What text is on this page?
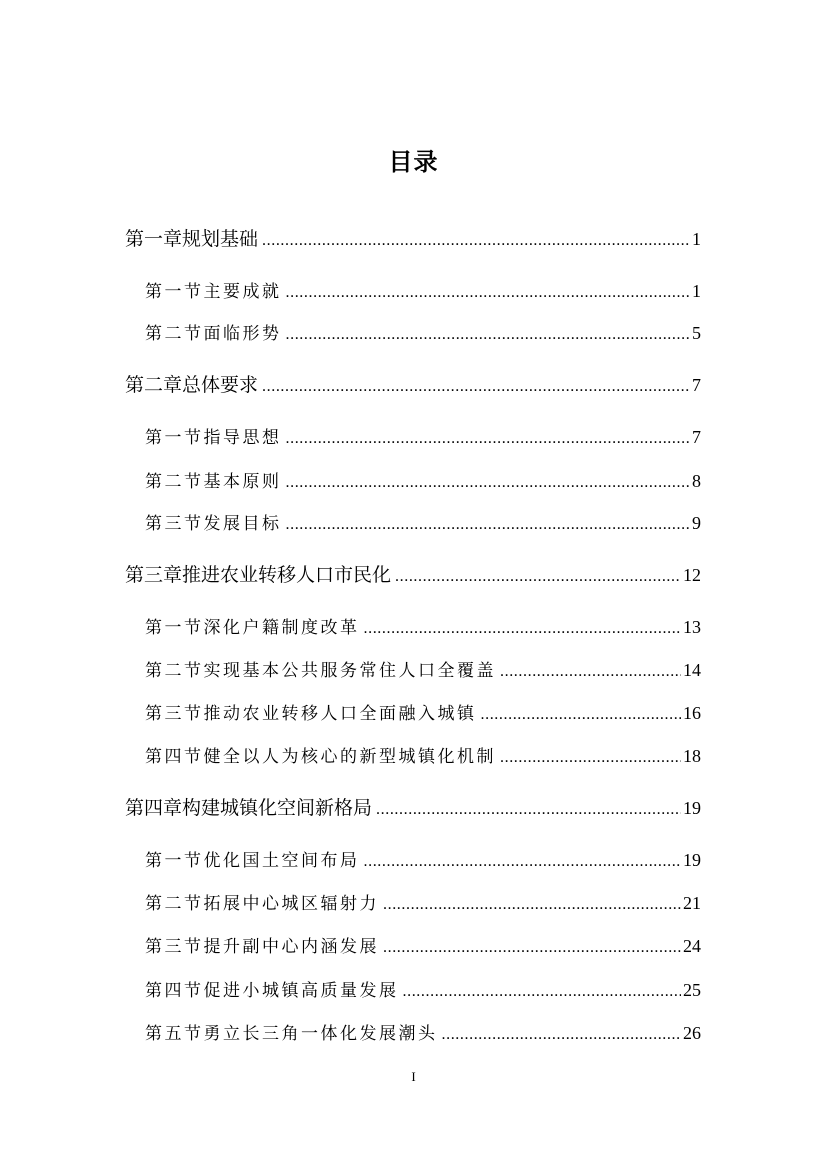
目录
第一章规划基础 .....	1
第一节主要成就 .....	1
第二节面临形势 .....	5
第二章总体要求 .....	7
第一节指导思想 .....	7
第二节基本原则 .....	8
第三节发展目标 .....	9
第三章推进农业转移人口市民化 .....	12
第一节深化户籍制度改革 .....	13
第二节实现基本公共服务常住人口全覆盖 .....	14
第三节推动农业转移人口全面融入城镇 .....	16
第四节健全以人为核心的新型城镇化机制 .....	18
第四章构建城镇化空间新格局 .....	19
第一节优化国土空间布局 .....	19
第二节拓展中心城区辐射力 .....	21
第三节提升副中心内涵发展 .....	24
第四节促进小城镇高质量发展 .....	25
第五节勇立长三角一体化发展潮头 .....	26
I
